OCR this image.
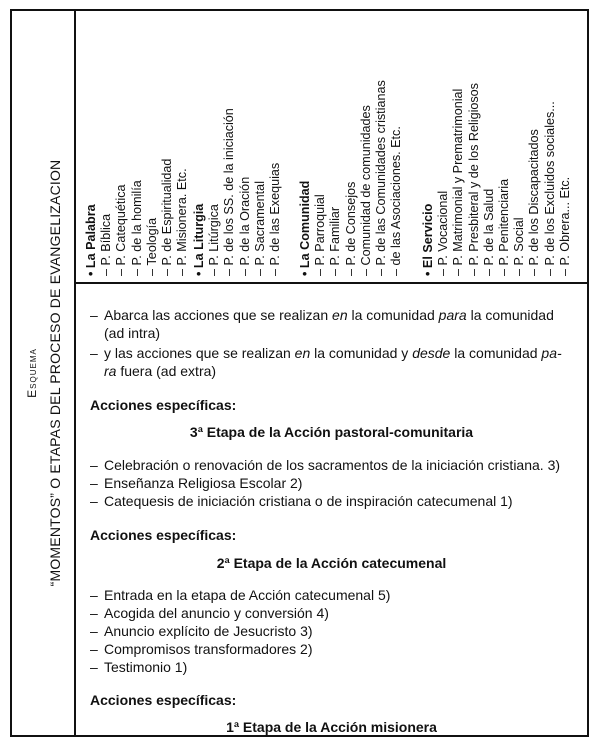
Esquema “MOMENTOS” O ETAPAS DEL PROCESO DE EVANGELIZACION • La Palabra – P. Bíblica – P. Catequética – P. de la homilía – Teología – P. de Espiritualidad – P. Misionera. Etc. • La Liturgia – P. Litúrgica – P. de los SS. de la iniciación – P. de la Oración – P. Sacramental – P. de las Exequias • La Comunidad – P. Parroquial – P. Familiar – P. de Consejos – Comunidad de comunidades – P. de las Comunidades cristianas – de las Asociaciones. Etc. • El Servicio – P. Vocacional – P. Matrimonial y Prematrimonial – P. Presbiteral y de los Religiosos – P. de la Salud – P. Penitenciaria – P. Social – P. de los Discapacitados – P. de los Excluidos sociales... – P. Obrera... Etc.
– Abarca las acciones que se realizan en la comunidad para la comunidad
(ad intra)
– y las acciones que se realizan en la comunidad y desde la comunidad pa-
ra fuera (ad extra)
Acciones específicas:
3ª Etapa de la Acción pastoral-comunitaria
– Celebración o renovación de los sacramentos de la iniciación cristiana. 3)
– Enseñanza Religiosa Escolar 2)
– Catequesis de iniciación cristiana o de inspiración catecumenal 1)
Acciones específicas:
2ª Etapa de la Acción catecumenal
– Entrada en la etapa de Acción catecumenal 5)
– Acogida del anuncio y conversión 4)
– Anuncio explícito de Jesucristo 3)
– Compromisos transformadores 2)
– Testimonio 1)
Acciones específicas:
1ª Etapa de la Acción misionera
